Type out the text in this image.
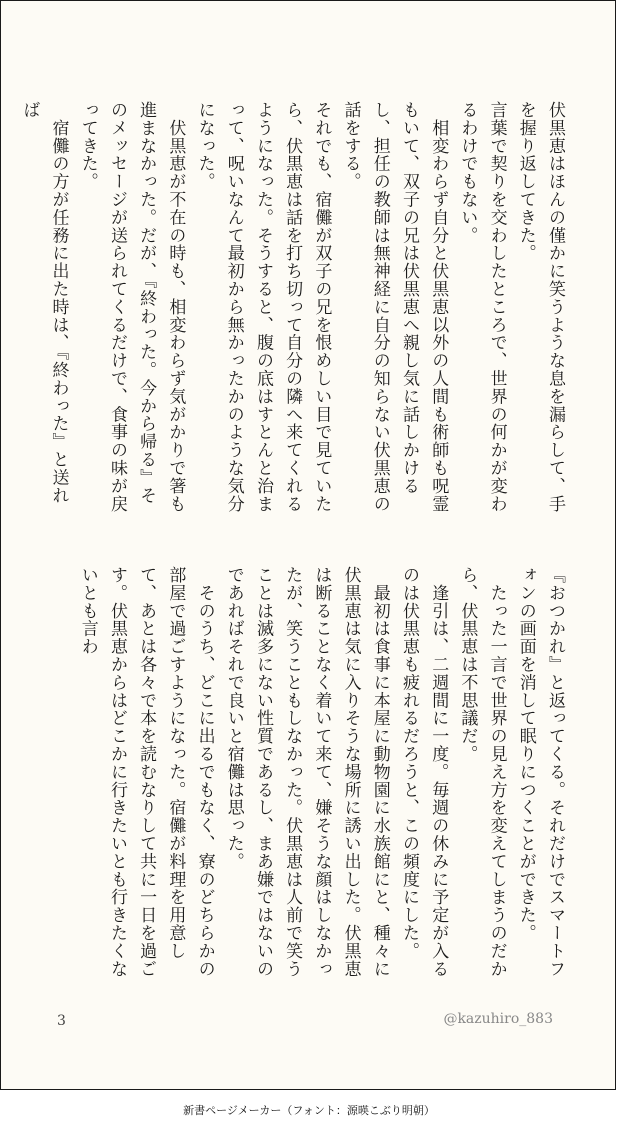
伏黒恵はほんの僅かに笑うような息を漏らして、手を握り返してきた。

言葉で契りを交わしたところで、世界の何かが変わるわけでもない。

　相変わらず自分と伏黒恵以外の人間も術師も呪霊もいて、双子の兄は伏黒恵へ親し気に話しかけるし、担任の教師は無神経に自分の知らない伏黒恵の話をする。

それでも、宿儺が双子の兄を恨めしい目で見ていたら、伏黒恵は話を打ち切って自分の隣へ来てくれるようになった。そうすると、腹の底はすとんと治まって、呪いなんて最初から無かったかのような気分になった。

　伏黒恵が不在の時も、相変わらず気がかりで箸も進まなかった。だが、『終わった。今から帰る』そのメッセージが送られてくるだけで、食事の味が戻ってきた。

　宿儺の方が任務に出た時は、『終わった』と送れば

『おつかれ』と返ってくる。それだけでスマートフォンの画面を消して眠りにつくことができた。

　たった一言で世界の見え方を変えてしまうのだから、伏黒恵は不思議だ。

　逢引は、二週間に一度。毎週の休みに予定が入るのは伏黒恵も疲れるだろうと、この頻度にした。

　最初は食事に本屋に動物園に水族館にと、種々に伏黒恵は気に入りそうな場所に誘い出した。伏黒恵は断ることなく着いて来て、嫌そうな顔はしなかったが、笑うこともしなかった。伏黒恵は人前で笑うことは滅多にない性質であるし、まあ嫌ではないのであればそれで良いと宿儺は思った。

　そのうち、どこに出るでもなく、寮のどちらかの部屋で過ごすようになった。宿儺が料理を用意して、あとは各々で本を読むなりして共に一日を過ごす。伏黒恵からはどこかに行きたいとも行きたくないとも言わ

3	@kazuhiro_883
新書ページメーカー（フォント：源暎こぶり明朝）
